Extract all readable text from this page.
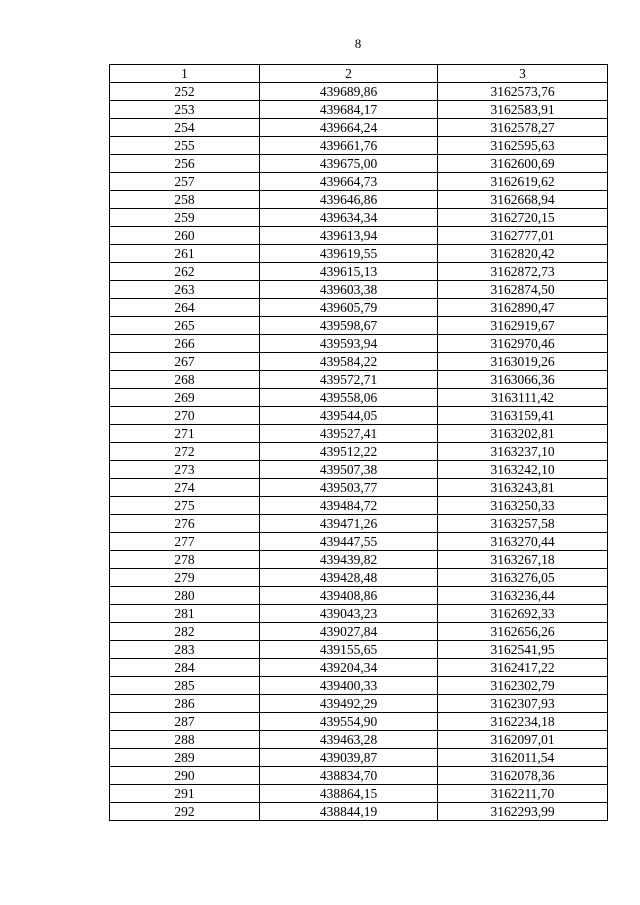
8
1	2	3
252	439689,86	3162573,76
253	439684,17	3162583,91
254	439664,24	3162578,27
255	439661,76	3162595,63
256	439675,00	3162600,69
257	439664,73	3162619,62
258	439646,86	3162668,94
259	439634,34	3162720,15
260	439613,94	3162777,01
261	439619,55	3162820,42
262	439615,13	3162872,73
263	439603,38	3162874,50
264	439605,79	3162890,47
265	439598,67	3162919,67
266	439593,94	3162970,46
267	439584,22	3163019,26
268	439572,71	3163066,36
269	439558,06	3163111,42
270	439544,05	3163159,41
271	439527,41	3163202,81
272	439512,22	3163237,10
273	439507,38	3163242,10
274	439503,77	3163243,81
275	439484,72	3163250,33
276	439471,26	3163257,58
277	439447,55	3163270,44
278	439439,82	3163267,18
279	439428,48	3163276,05
280	439408,86	3163236,44
281	439043,23	3162692,33
282	439027,84	3162656,26
283	439155,65	3162541,95
284	439204,34	3162417,22
285	439400,33	3162302,79
286	439492,29	3162307,93
287	439554,90	3162234,18
288	439463,28	3162097,01
289	439039,87	3162011,54
290	438834,70	3162078,36
291	438864,15	3162211,70
292	438844,19	3162293,99
